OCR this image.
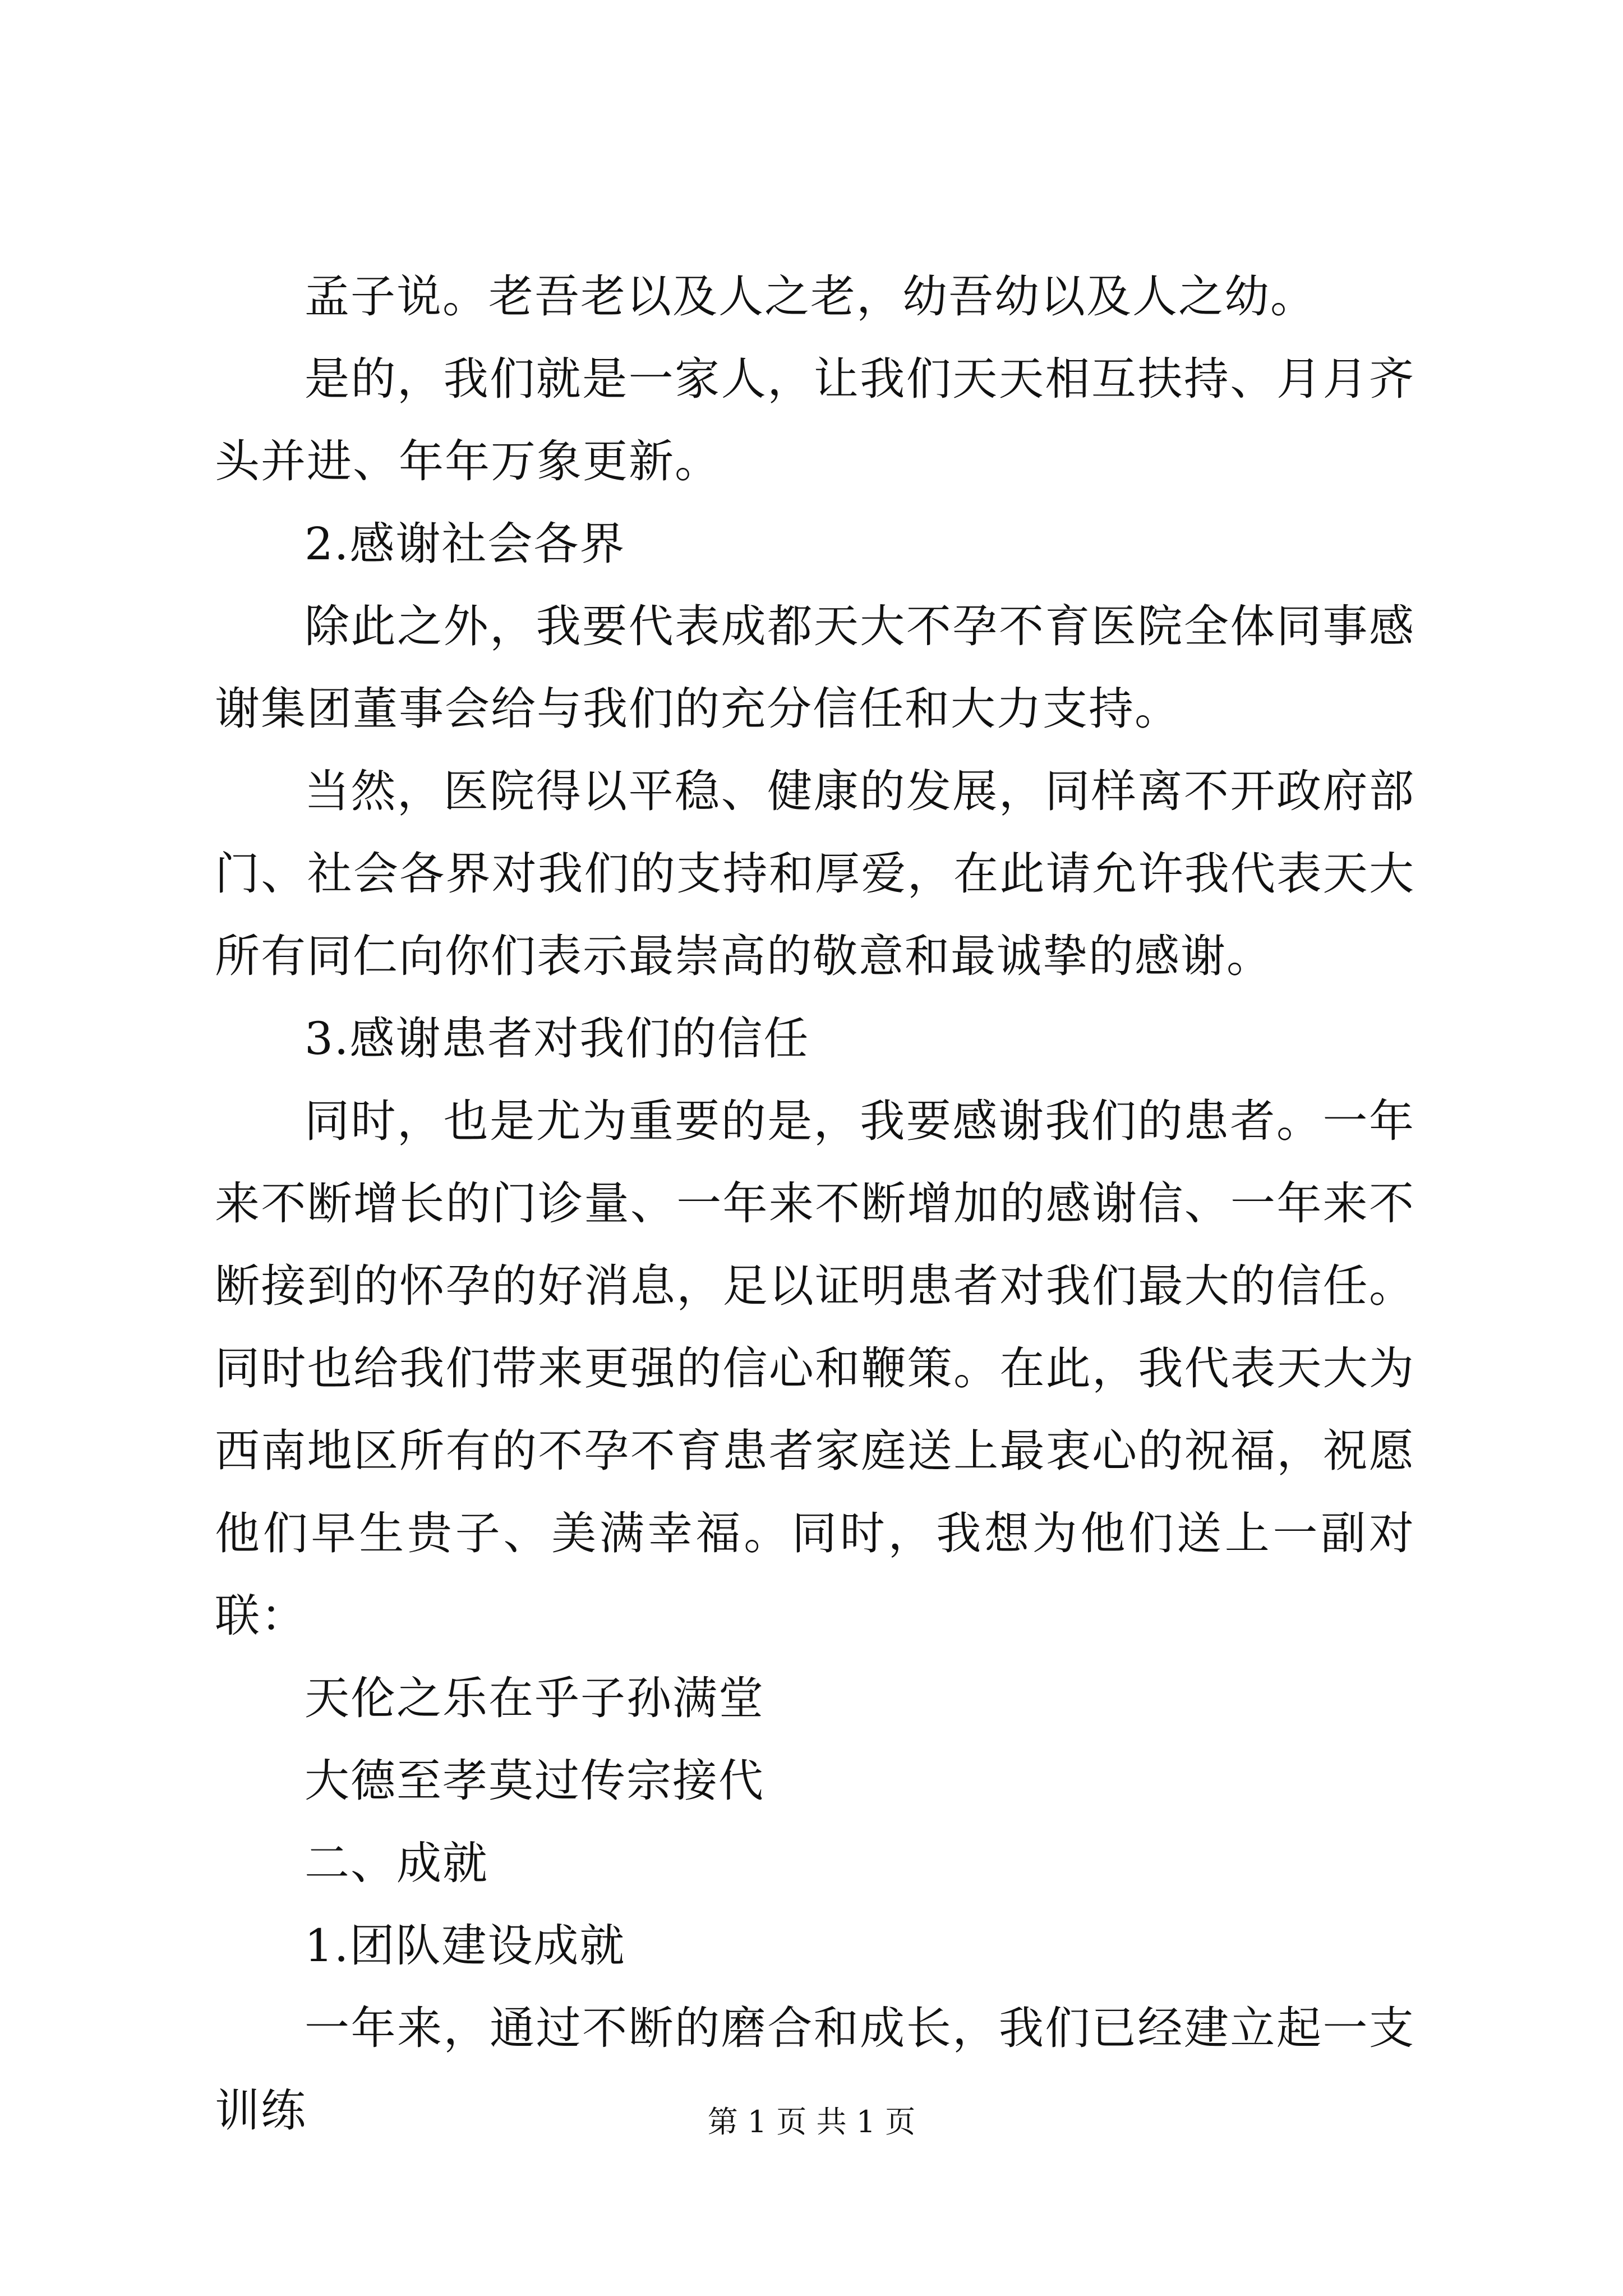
孟子说。老吾老以及人之老，幼吾幼以及人之幼。

是的，我们就是一家人，让我们天天相互扶持、月月齐头并进、年年万象更新。

2.感谢社会各界

除此之外，我要代表成都天大不孕不育医院全体同事感谢集团董事会给与我们的充分信任和大力支持。

当然，医院得以平稳、健康的发展，同样离不开政府部门、社会各界对我们的支持和厚爱，在此请允许我代表天大所有同仁向你们表示最崇高的敬意和最诚挚的感谢。

3.感谢患者对我们的信任

同时，也是尤为重要的是，我要感谢我们的患者。一年来不断增长的门诊量、一年来不断增加的感谢信、一年来不断接到的怀孕的好消息，足以证明患者对我们最大的信任。同时也给我们带来更强的信心和鞭策。在此，我代表天大为西南地区所有的不孕不育患者家庭送上最衷心的祝福，祝愿他们早生贵子、美满幸福。同时，我想为他们送上一副对联：

天伦之乐在乎子孙满堂

大德至孝莫过传宗接代

二、成就

1.团队建设成就

一年来，通过不断的磨合和成长，我们已经建立起一支训练	第 1 页 共 1 页
